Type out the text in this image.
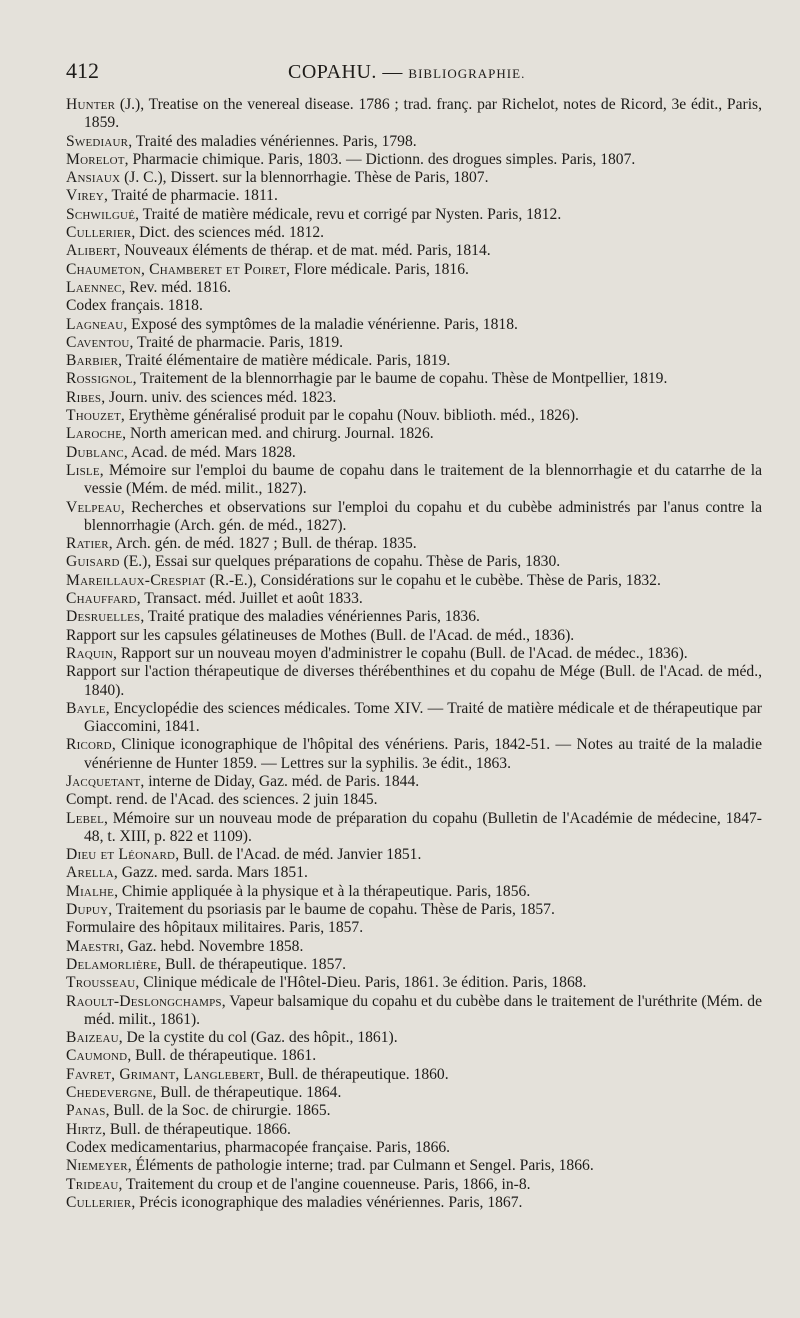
412	COPAHU. — BIBLIOGRAPHIE.
Hunter (J.), Treatise on the venereal disease. 1786 ; trad. franç. par Richelot, notes de Ricord, 3e édit., Paris, 1859.
Swediaur, Traité des maladies vénériennes. Paris, 1798.
Morelot, Pharmacie chimique. Paris, 1803. — Dictionn. des drogues simples. Paris, 1807.
Ansiaux (J. C.), Dissert. sur la blennorrhagie. Thèse de Paris, 1807.
Virey, Traité de pharmacie. 1811.
Schwilgué, Traité de matière médicale, revu et corrigé par Nysten. Paris, 1812.
Cullerier, Dict. des sciences méd. 1812.
Alibert, Nouveaux éléments de thérap. et de mat. méd. Paris, 1814.
Chaumeton, Chamberet et Poiret, Flore médicale. Paris, 1816.
Laennec, Rev. méd. 1816.
Codex français. 1818.
Lagneau, Exposé des symptômes de la maladie vénérienne. Paris, 1818.
Caventou, Traité de pharmacie. Paris, 1819.
Barbier, Traité élémentaire de matière médicale. Paris, 1819.
Rossignol, Traitement de la blennorrhagie par le baume de copahu. Thèse de Montpellier, 1819.
Ribes, Journ. univ. des sciences méd. 1823.
Thouzet, Erythème généralisé produit par le copahu (Nouv. biblioth. méd., 1826).
Laroche, North american med. and chirurg. Journal. 1826.
Dublanc, Acad. de méd. Mars 1828.
Lisle, Mémoire sur l'emploi du baume de copahu dans le traitement de la blennorrhagie et du catarrhe de la vessie (Mém. de méd. milit., 1827).
Velpeau, Recherches et observations sur l'emploi du copahu et du cubèbe administrés par l'anus contre la blennorrhagie (Arch. gén. de méd., 1827).
Ratier, Arch. gén. de méd. 1827 ; Bull. de thérap. 1835.
Guisard (E.), Essai sur quelques préparations de copahu. Thèse de Paris, 1830.
Mareillaux-Crespiat (R.-E.), Considérations sur le copahu et le cubèbe. Thèse de Paris, 1832.
Chauffard, Transact. méd. Juillet et août 1833.
Desruelles, Traité pratique des maladies vénériennes Paris, 1836.
Rapport sur les capsules gélatineuses de Mothes (Bull. de l'Acad. de méd., 1836).
Raquin, Rapport sur un nouveau moyen d'administrer le copahu (Bull. de l'Acad. de médec., 1836).
Rapport sur l'action thérapeutique de diverses thérébenthines et du copahu de Mége (Bull. de l'Acad. de méd., 1840).
Bayle, Encyclopédie des sciences médicales. Tome XIV. — Traité de matière médicale et de thérapeutique par Giaccomini, 1841.
Ricord, Clinique iconographique de l'hôpital des vénériens. Paris, 1842-51. — Notes au traité de la maladie vénérienne de Hunter 1859. — Lettres sur la syphilis. 3e édit., 1863.
Jacquetant, interne de Diday, Gaz. méd. de Paris. 1844.
Compt. rend. de l'Acad. des sciences. 2 juin 1845.
Lebel, Mémoire sur un nouveau mode de préparation du copahu (Bulletin de l'Académie de médecine, 1847-48, t. XIII, p. 822 et 1109).
Dieu et Léonard, Bull. de l'Acad. de méd. Janvier 1851.
Arella, Gazz. med. sarda. Mars 1851.
Mialhe, Chimie appliquée à la physique et à la thérapeutique. Paris, 1856.
Dupuy, Traitement du psoriasis par le baume de copahu. Thèse de Paris, 1857.
Formulaire des hôpitaux militaires. Paris, 1857.
Maestri, Gaz. hebd. Novembre 1858.
Delamorlière, Bull. de thérapeutique. 1857.
Trousseau, Clinique médicale de l'Hôtel-Dieu. Paris, 1861. 3e édition. Paris, 1868.
Raoult-Deslongchamps, Vapeur balsamique du copahu et du cubèbe dans le traitement de l'uréthrite (Mém. de méd. milit., 1861).
Baizeau, De la cystite du col (Gaz. des hôpit., 1861).
Caumond, Bull. de thérapeutique. 1861.
Favret, Grimant, Langlebert, Bull. de thérapeutique. 1860.
Chedevergne, Bull. de thérapeutique. 1864.
Panas, Bull. de la Soc. de chirurgie. 1865.
Hirtz, Bull. de thérapeutique. 1866.
Codex medicamentarius, pharmacopée française. Paris, 1866.
Niemeyer, Éléments de pathologie interne; trad. par Culmann et Sengel. Paris, 1866.
Trideau, Traitement du croup et de l'angine couenneuse. Paris, 1866, in-8.
Cullerier, Précis iconographique des maladies vénériennes. Paris, 1867.
